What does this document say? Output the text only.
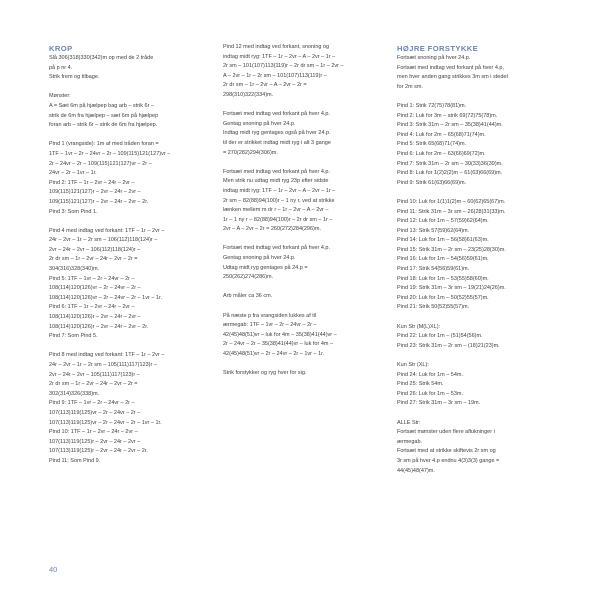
KROP

Slå 306(318)330(342)m op med de 2 tråde
på p nr 4.
Strik frem og tilbage.

Mønster:
A = Sæt 6m på hjælpep bag arb – strik 6r –
strik de 6m fra hjælpep – sæt 6m på hjælpep
foran arb – strik 6r – strik de 6m fra hjælpep.

Pind 1 (vrangside): 1m af med tråden foran =
1TF – 1vr – 2r – 24vr – 2r – 109(115)121(127)vr –
2r – 24vr – 2r – 109(115)121(127)vr – 2r –
24vr – 2r – 1vr – 1r.
Pind 2: 1TF – 1r – 2vr – 24r – 2vr –
109(115)121(127)r – 2vr – 24r – 2vr –
109(115)121(127)r – 2vr – 24r – 2vr – 2r.
Pind 3: Som Pind 1.

Pind 4 med indtag ved forkant: 1TF – 1r – 2vr –
24r – 2vr – 1r – 2r sm – 106(112)118(124)r –
2vr – 24r – 2vr – 106(112)118(124)r –
2r dr sm – 1r – 2vr – 24r – 2vr – 2r =
304(316)328(340)m.
Pind 5: 1TF – 1vr – 2r – 24vr – 2r –
108(114)120(126)vr – 2r – 24vr – 2r –
108(114)120(126)vr – 2r – 24vr – 2r – 1vr – 1r.
Pind 6: 1TF – 1r – 2vr – 24r – 2vr –
108(114)120(126)r – 2vr – 24r – 2vr –
108(114)120(126)r – 2vr – 24r – 2vr – 2r.
Pind 7: Som Pind 5.

Pind 8 med indtag ved forkant: 1TF – 1r – 2vr –
24r – 2vr – 1r – 2r sm – 105(111)117(123)r –
2vr – 24r – 2vr – 105(111)117(123)r –
2r dr sm – 1r – 2vr – 24r – 2vr – 2r =
302(314)326(338)m.
Pind 9: 1TF – 1vr – 2r – 24vr – 2r –
107(113)119(125)vr – 2r – 24vr – 2r –
107(113)119(125)vr – 2r – 24vr – 2r – 1vr – 1r.
Pind 10: 1TF – 1r – 2vr – 24r – 2vr –
107(113)119(125)r – 2vr – 24r – 2vr –
107(113)119(125)r – 2vr – 24r – 2vr – 2r.
Pind 11: Som Pind 9.

Pind 12 med indtag ved forkant, snoning og
indtag midt ryg: 1TF – 1r – 2vr – A – 2vr – 1r –
2r sm – 101(107)113(119)r – 2r dr sm – 1r – 2vr –
A – 2vr – 1r – 2r sm – 101(107)113(119)r –
2r dr sm – 1r – 2vr – A – 2vr – 2r =
298(310)322(334)m.

Fortsæt med indtag ved forkant på hver 4.p.
Gentag snoning på hver 24.p.
Indtag midt ryg gentages også på hver 24.p.
til der er strikket indtag midt ryg i alt 3 gange
= 270(282)294(306)m.

Fortsæt med indtag ved forkant på hver 4.p.
Men strik nu udtag midt ryg 23p efter sidste
indtag midt ryg: 1TF – 1r – 2vr – A – 2vr – 1r –
2r sm – 82(88)94(100)r – 1 ny r, ved at strikke
lænken mellem m dr r – 1r – 2vr – A – 2vr –
1r – 1 ny r – 82(88)94(100)r – 2r dr sm – 1r –
2vr – A – 2vr – 2r = 260(272)284(296)m.

Fortsæt med indtag ved forkant på hver 4.p.
Gentag snoning på hver 24.p.
Udtag midt ryg gentages på 24.p =
250(262)274(286)m.

Arb måler ca 36 cm.

På næste p fra vrangsiden lukkes af til
ærmegab: 1TF – 1vr – 2r – 24vr – 2r –
42(45)48(51)vr – luk for 4m – 35(38)41(44)vr –
2r – 24vr – 2r – 35(38)41(44)vr – luk for 4m –
42(45)48(51)vr – 2r – 24vr – 2r – 1vr – 1r.

Strik forstykker og ryg hver for sig.

HØJRE FORSTYKKE

Fortsæt snoning på hver 24.p.
Fortsæt med indtag ved forkant på hver 4.p,
men hver anden gang strikkes 3m sm i stedet
for 2m sm.

Pind 1: Strik 72(75)78(81)m.
Pind 2: Luk for 3m – strik 69(72)75(78)m.
Pind 3: Strik 31m – 2r sm – 35(38)41(44)m.
Pind 4: Luk for 2m – 65(68)71(74)m.
Pind 5: Strik 65(68)71(74)m.
Pind 6: Luk for 2m – 63(66)69(72)m.
Pind 7: Strik 31m – 2r sm – 30(33)36(39)m.
Pind 8: Luk for 1(2)2(2)m – 61(63)66(69)m.
Pind 9: Strik 61(63)66(69)m.

Pind 10: Luk for 1(1)1(2)m – 60(62)65(67)m.
Pind 11: Strik 31m – 3r sm – 26(28)31(33)m.
Pind 12: Luk for 1m – 57(59)62(64)m.
Pind 13: Strik 57(59)62(64)m.
Pind 14: Luk for 1m – 56(58)61(63)m.
Pind 15: Strik 31m – 2r sm – 23(25)28(30)m.
Pind 16: Luk for 1m – 54(56)59(61)m.
Pind 17: Strik 54(56)59(61)m.
Pind 18: Luk for 1m – 53(55)58(60)m.
Pind 19: Strik 31m – 3r sm – 19(21)24(26)m.
Pind 20: Luk for 1m – 50(52)55(57)m.
Pind 21: Strik 50(52)55(57)m.

Kun Str (M(L)XL):
Pind 22: Luk for 1m – (51)54(56)m.
Pind 23: Strik 31m – 2r sm – (18)21(23)m.

Kun Str (XL):
Pind 24: Luk for 1m – 54m.
Pind 25: Strik 54m.
Pind 26: Luk for 1m – 53m.
Pind 27: Strik 31m – 3r sm – 19m.

ALLE Str:
Fortsæt mønster uden flere aflukninger i
ærmegab.
Fortsæt med at strikke skiftevis 2r sm og
3r sm på hver 4.p endnu 4(3)3(3) gange =
44(45)48(47)m.

40
